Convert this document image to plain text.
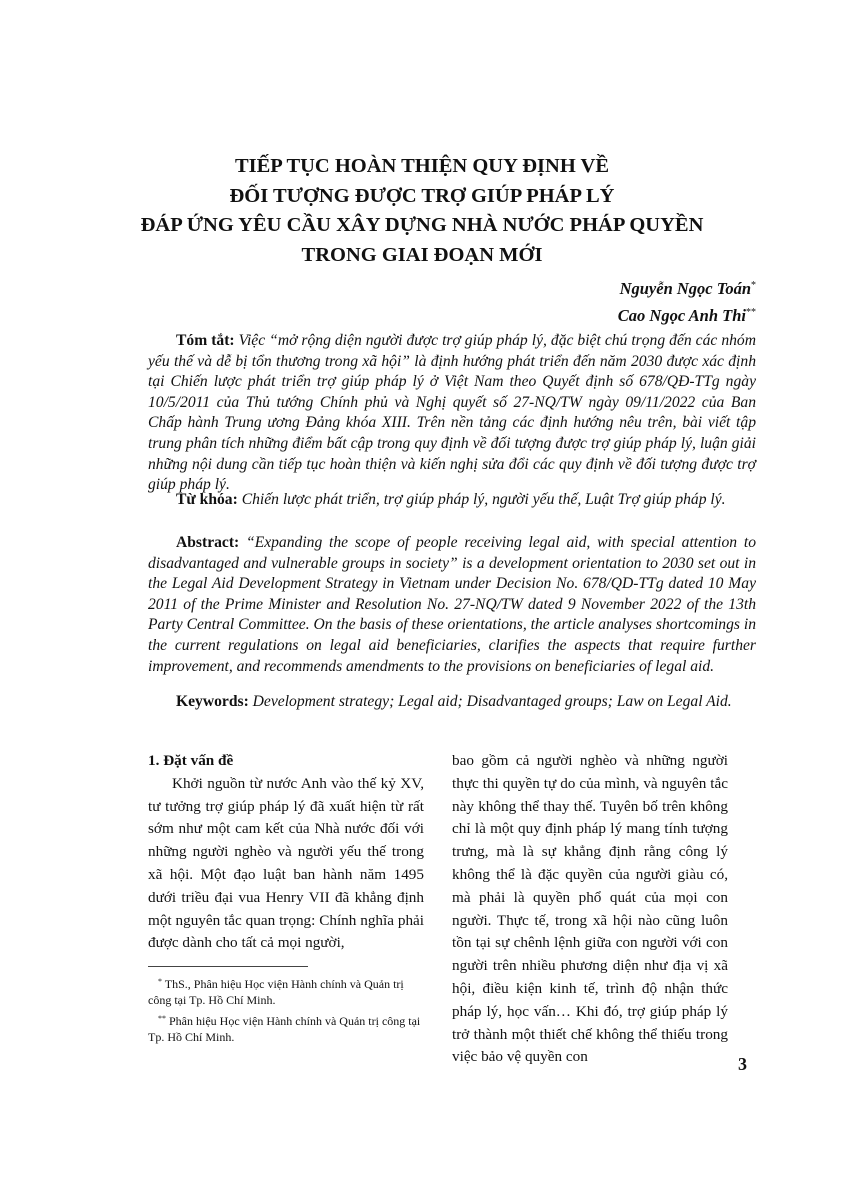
TIẾP TỤC HOÀN THIỆN QUY ĐỊNH VỀ
ĐỐI TƯỢNG ĐƯỢC TRỢ GIÚP PHÁP LÝ
ĐÁP ỨNG YÊU CẦU XÂY DỰNG NHÀ NƯỚC PHÁP QUYỀN
TRONG GIAI ĐOẠN MỚI
Nguyễn Ngọc Toán*
Cao Ngọc Anh Thi**
Tóm tắt: Việc “mở rộng diện người được trợ giúp pháp lý, đặc biệt chú trọng đến các nhóm yếu thế và dễ bị tổn thương trong xã hội” là định hướng phát triển đến năm 2030 được xác định tại Chiến lược phát triển trợ giúp pháp lý ở Việt Nam theo Quyết định số 678/QĐ-TTg ngày 10/5/2011 của Thủ tướng Chính phủ và Nghị quyết số 27-NQ/TW ngày 09/11/2022 của Ban Chấp hành Trung ương Đảng khóa XIII. Trên nền tảng các định hướng nêu trên, bài viết tập trung phân tích những điểm bất cập trong quy định về đối tượng được trợ giúp pháp lý, luận giải những nội dung cần tiếp tục hoàn thiện và kiến nghị sửa đổi các quy định về đối tượng được trợ giúp pháp lý.
Từ khóa: Chiến lược phát triển, trợ giúp pháp lý, người yếu thế, Luật Trợ giúp pháp lý.
Abstract: “Expanding the scope of people receiving legal aid, with special attention to disadvantaged and vulnerable groups in society” is a development orientation to 2030 set out in the Legal Aid Development Strategy in Vietnam under Decision No. 678/QD-TTg dated 10 May 2011 of the Prime Minister and Resolution No. 27-NQ/TW dated 9 November 2022 of the 13th Party Central Committee. On the basis of these orientations, the article analyses shortcomings in the current regulations on legal aid beneficiaries, clarifies the aspects that require further improvement, and recommends amendments to the provisions on beneficiaries of legal aid.
Keywords: Development strategy; Legal aid; Disadvantaged groups; Law on Legal Aid.
1. Đặt vấn đề
Khởi nguồn từ nước Anh vào thế kỷ XV, tư tưởng trợ giúp pháp lý đã xuất hiện từ rất sớm như một cam kết của Nhà nước đối với những người nghèo và người yếu thế trong xã hội. Một đạo luật ban hành năm 1495 dưới triều đại vua Henry VII đã khẳng định một nguyên tắc quan trọng: Chính nghĩa phải được dành cho tất cả mọi người,
bao gồm cả người nghèo và những người thực thi quyền tự do của mình, và nguyên tắc này không thể thay thế. Tuyên bố trên không chỉ là một quy định pháp lý mang tính tượng trưng, mà là sự khẳng định rằng công lý không thể là đặc quyền của người giàu có, mà phải là quyền phổ quát của mọi con người. Thực tế, trong xã hội nào cũng luôn tồn tại sự chênh lệnh giữa con người với con người trên nhiều phương diện như địa vị xã hội, điều kiện kinh tế, trình độ nhận thức pháp lý, học vấn… Khi đó, trợ giúp pháp lý trở thành một thiết chế không thể thiếu trong việc bảo vệ quyền con

* ThS., Phân hiệu Học viện Hành chính và Quản trị công tại Tp. Hồ Chí Minh.

** Phân hiệu Học viện Hành chính và Quản trị công tại Tp. Hồ Chí Minh.

3
